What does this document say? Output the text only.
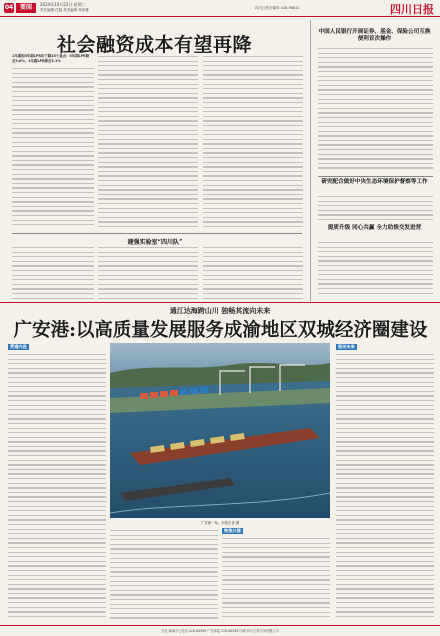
04	要闻	2024年10月22日 星期二
责任编辑 任翔 美术编辑 杨家雄	四川日报全媒体 028-96811	四川日报
社会融资成本有望再降
1年期和5年期LPR均下降25个基点：5年期LPR降至3.6%；1年期LPR降至3.1%
建强实验室“四川队”
中国人民银行开展证券、基金、保险公司互换便利首次操作
研究配合做好中央生态环境保护督察等工作
提质升级 同心共赢 全力助推交发进营
通江达海跨山川 独畅其流向未来
广安港:以高质量发展服务成渝地区双城经济圈建设
贯通内连
广安港一角。本报记者 摄
驱动未来
物流兴港
总社·新闻中心电话 028-86968 广告承接 028-86968 印刷 四川日报印务有限公司
